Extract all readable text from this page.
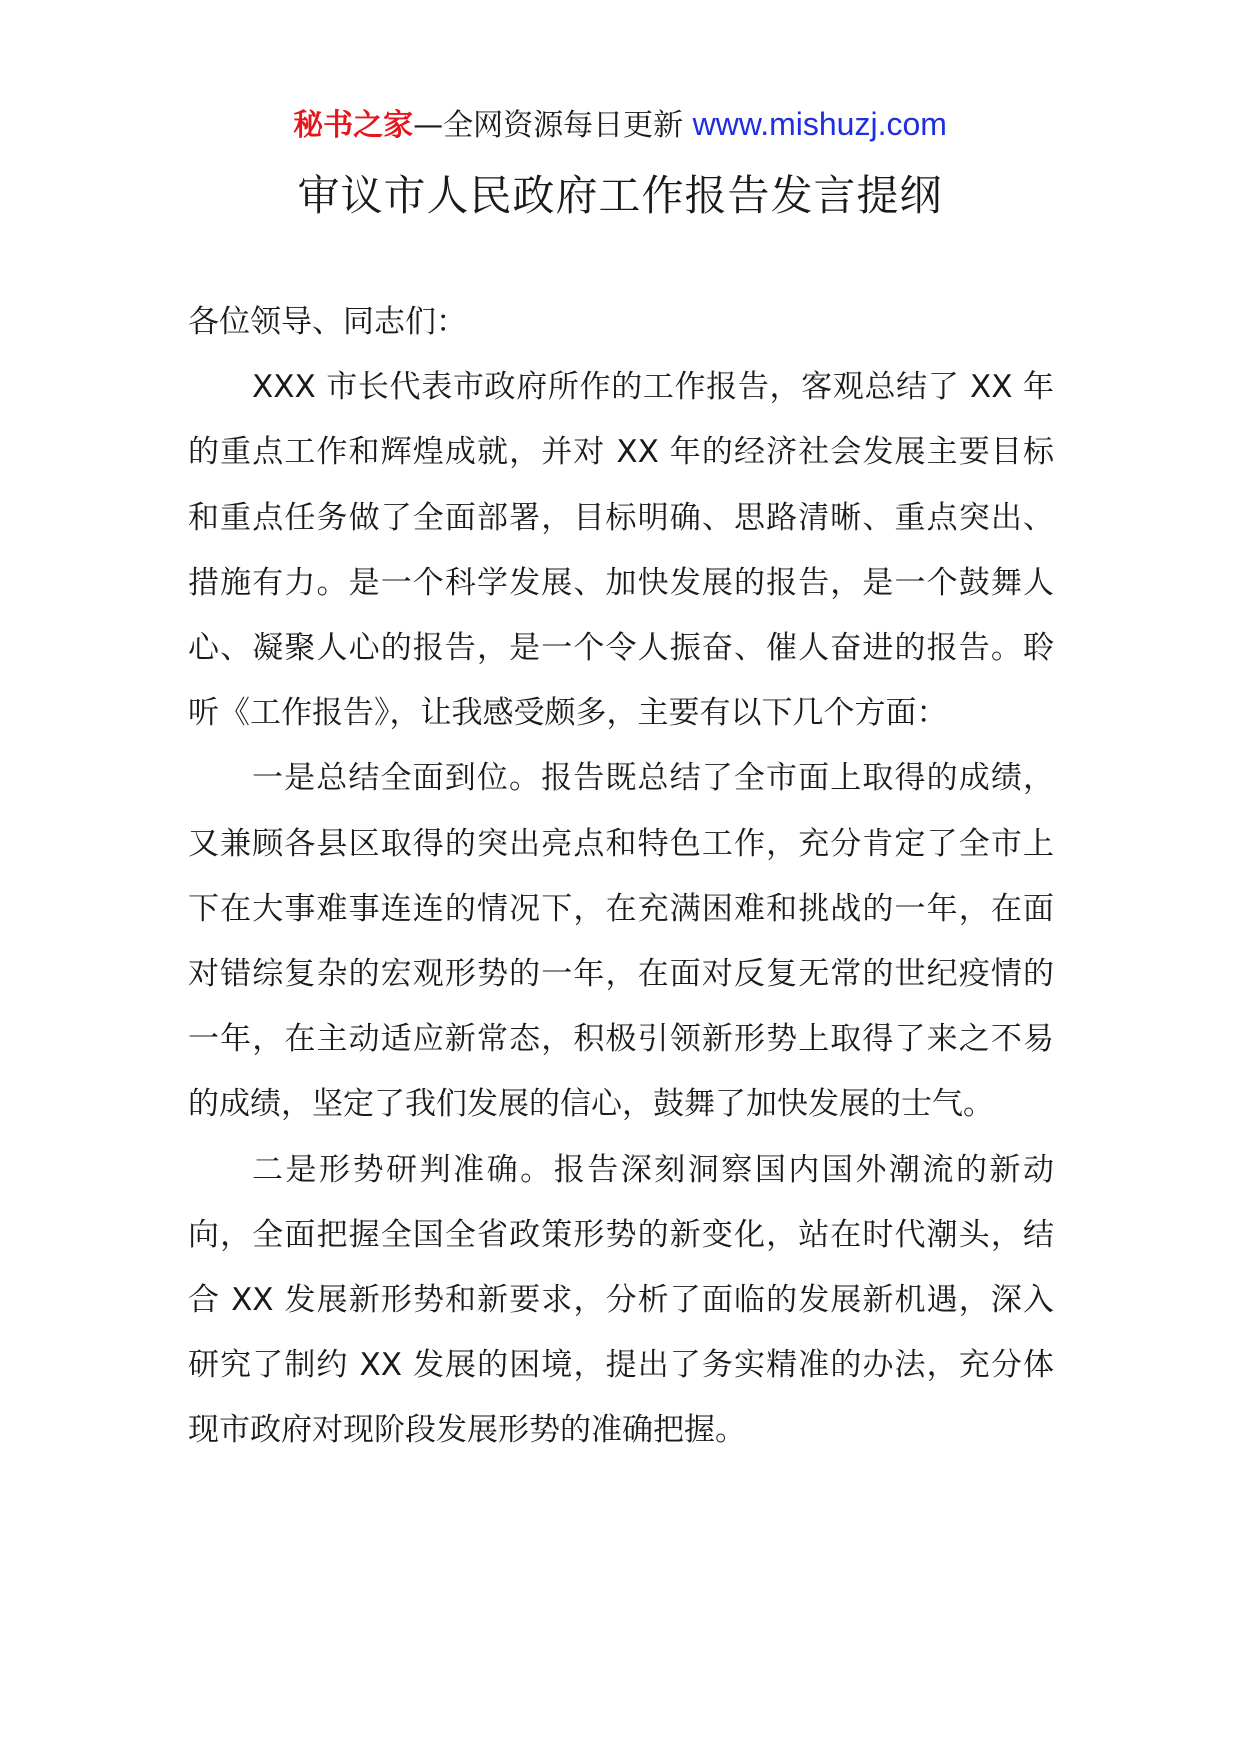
秘书之家—全网资源每日更新 www.mishuzj.com
审议市人民政府工作报告发言提纲

各位领导、同志们：

XXX 市长代表市政府所作的工作报告，客观总结了 XX 年的重点工作和辉煌成就，并对 XX 年的经济社会发展主要目标和重点任务做了全面部署，目标明确、思路清晰、重点突出、措施有力。是一个科学发展、加快发展的报告，是一个鼓舞人心、凝聚人心的报告，是一个令人振奋、催人奋进的报告。聆听《工作报告》，让我感受颇多，主要有以下几个方面：

一是总结全面到位。报告既总结了全市面上取得的成绩，又兼顾各县区取得的突出亮点和特色工作，充分肯定了全市上下在大事难事连连的情况下，在充满困难和挑战的一年，在面对错综复杂的宏观形势的一年，在面对反复无常的世纪疫情的一年，在主动适应新常态，积极引领新形势上取得了来之不易的成绩，坚定了我们发展的信心，鼓舞了加快发展的士气。

二是形势研判准确。报告深刻洞察国内国外潮流的新动向，全面把握全国全省政策形势的新变化，站在时代潮头，结合 XX 发展新形势和新要求，分析了面临的发展新机遇，深入研究了制约 XX 发展的困境，提出了务实精准的办法，充分体现市政府对现阶段发展形势的准确把握。
